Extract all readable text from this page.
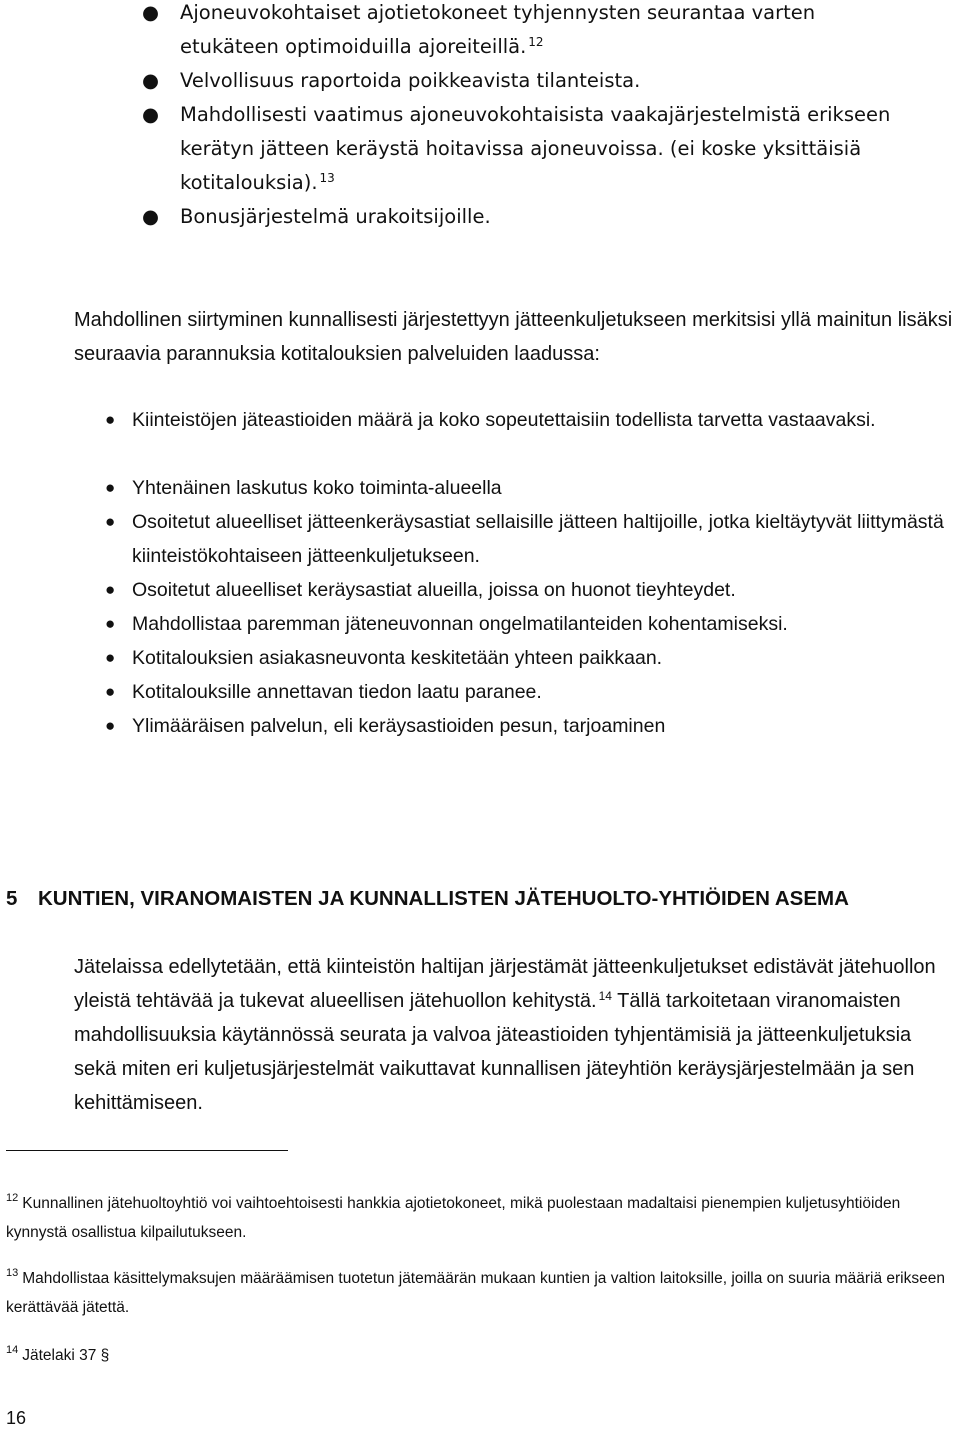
● Ajoneuvokohtaiset ajotietokoneet tyhjennysten seurantaa varten etukäteen optimoiduilla ajoreiteillä. $^{12}$
● Velvollisuus raportoida poikkeavista tilanteista.
● Mahdollisesti vaatimus ajoneuvokohtaisista vaakajärjestelmistä erikseen kerätyn jätteen keräystä hoitavissa ajoneuvoissa. (ei koske yksittäisiä kotitalouksia). $^{13}$
● Bonusjärjestelmä urakoitsijoille.
Mahdollinen siirtyminen kunnallisesti järjestettyyn jätteenkuljetukseen merkitsisi yllä mainitun lisäksi seuraavia parannuksia kotitalouksien palveluiden laadussa:
● Kiinteistöjen jäteastioiden määrä ja koko sopeutettaisiin todellista tarvetta vastaavaksi.
● Yhtenäinen laskutus koko toiminta-alueella
● Osoitetut alueelliset jätteenkeräysastiat sellaisille jätteen haltijoille, jotka kieltäytyvät liittymästä kiinteistökohtaiseen jätteenkuljetukseen.
● Osoitetut alueelliset keräysastiat alueilla, joissa on huonot tieyhteydet.
● Mahdollistaa paremman jäteneuvonnan ongelmatilanteiden kohentamiseksi.
● Kotitalouksien asiakasneuvonta keskitetään yhteen paikkaan.
● Kotitalouksille annettavan tiedon laatu paranee.
● Ylimääräisen palvelun, eli keräysastioiden pesun, tarjoaminen
5 KUNTIEN, VIRANOMAISTEN JA KUNNALLISTEN JÄTEHUOLTO-YHTIÖIDEN ASEMA
Jätelaissa edellytetään, että kiinteistön haltijan järjestämät jätteenkuljetukset edistävät jätehuollon yleistä tehtävää ja tukevat alueellisen jätehuollon kehitystä. $^{14}$ Tällä tarkoitetaan viranomaisten mahdollisuuksia käytännössä seurata ja valvoa jäteastioiden tyhjentämisiä ja jätteenkuljetuksia sekä miten eri kuljetusjärjestelmät vaikuttavat kunnallisen jäteyhtiön keräysjärjestelmään ja sen kehittämiseen.
$^{12}$ Kunnallinen jätehuoltoyhtiö voi vaihtoehtoisesti hankkia ajotietokoneet, mikä puolestaan madaltaisi pienempien kuljetusyhtiöiden kynnystä osallistua kilpailutukseen.
$^{13}$ Mahdollistaa käsittelymaksujen määräämisen tuotetun jätemäärän mukaan kuntien ja valtion laitoksille, joilla on suuria määriä erikseen kerättävää jätettä.
$^{14}$ Jätelaki 37 §
16
